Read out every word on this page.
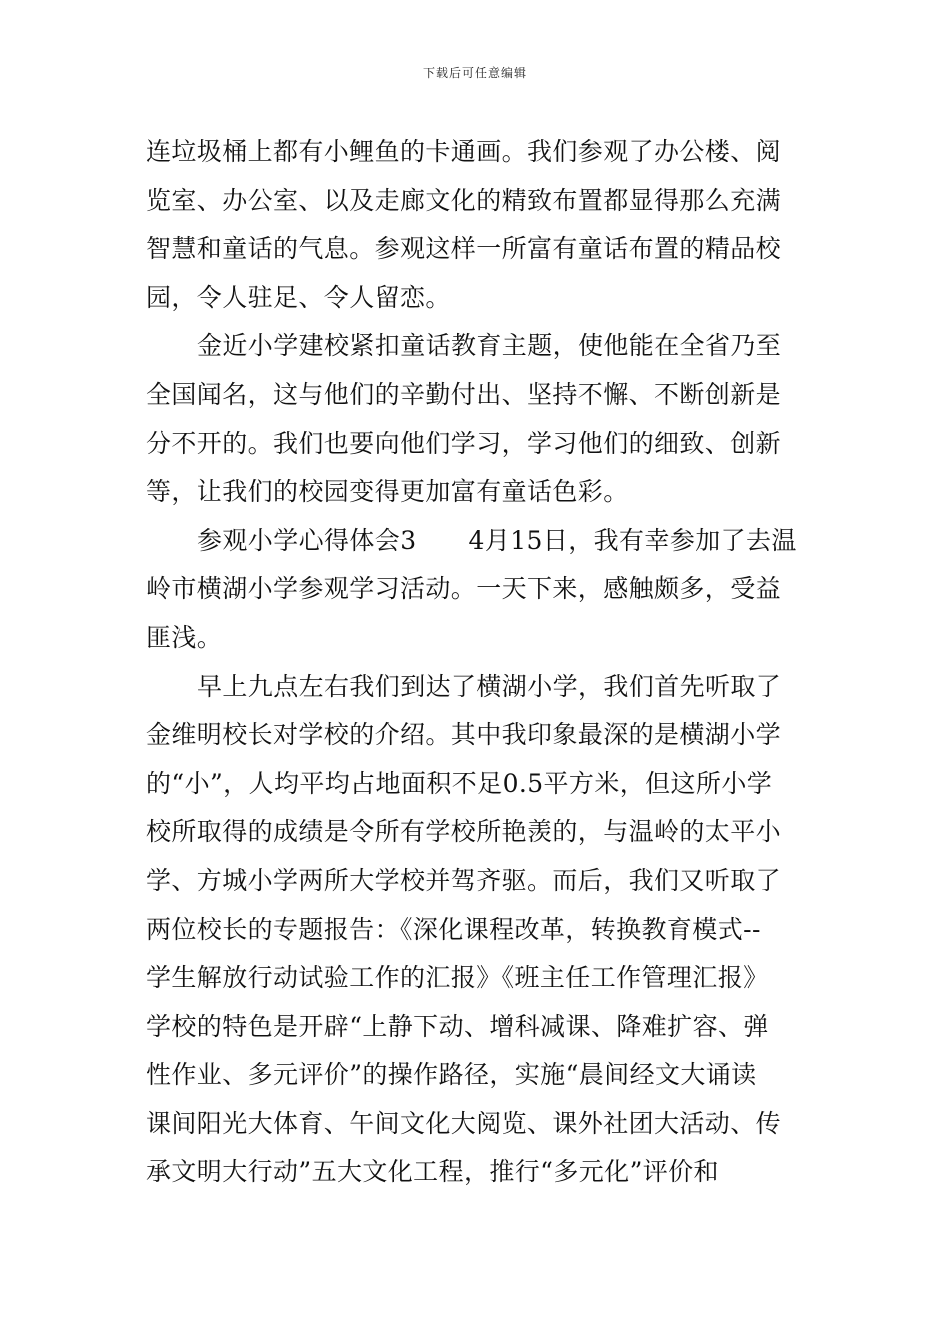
下载后可任意编辑
连垃圾桶上都有小鲤鱼的卡通画。我们参观了办公楼、阅
览室、办公室、以及走廊文化的精致布置都显得那么充满
智慧和童话的气息。参观这样一所富有童话布置的精品校
园，令人驻足、令人留恋。
金近小学建校紧扣童话教育主题，使他能在全省乃至
全国闻名，这与他们的辛勤付出、坚持不懈、不断创新是
分不开的。我们也要向他们学习，学习他们的细致、创新
等，让我们的校园变得更加富有童话色彩。
参观小学心得体会3 4月15日，我有幸参加了去温
岭市横湖小学参观学习活动。一天下来，感触颇多，受益
匪浅。
早上九点左右我们到达了横湖小学，我们首先听取了
金维明校长对学校的介绍。其中我印象最深的是横湖小学
的“小”，人均平均占地面积不足0.5平方米，但这所小学
校所取得的成绩是令所有学校所艳羡的，与温岭的太平小
学、方城小学两所大学校并驾齐驱。而后，我们又听取了
两位校长的专题报告：《深化课程改革，转换教育模式--
学生解放行动试验工作的汇报》《班主任工作管理汇报》
学校的特色是开辟“上静下动、增科减课、降难扩容、弹
性作业、多元评价”的操作路径，实施“晨间经文大诵读
课间阳光大体育、午间文化大阅览、课外社团大活动、传
承文明大行动”五大文化工程，推行“多元化”评价和
